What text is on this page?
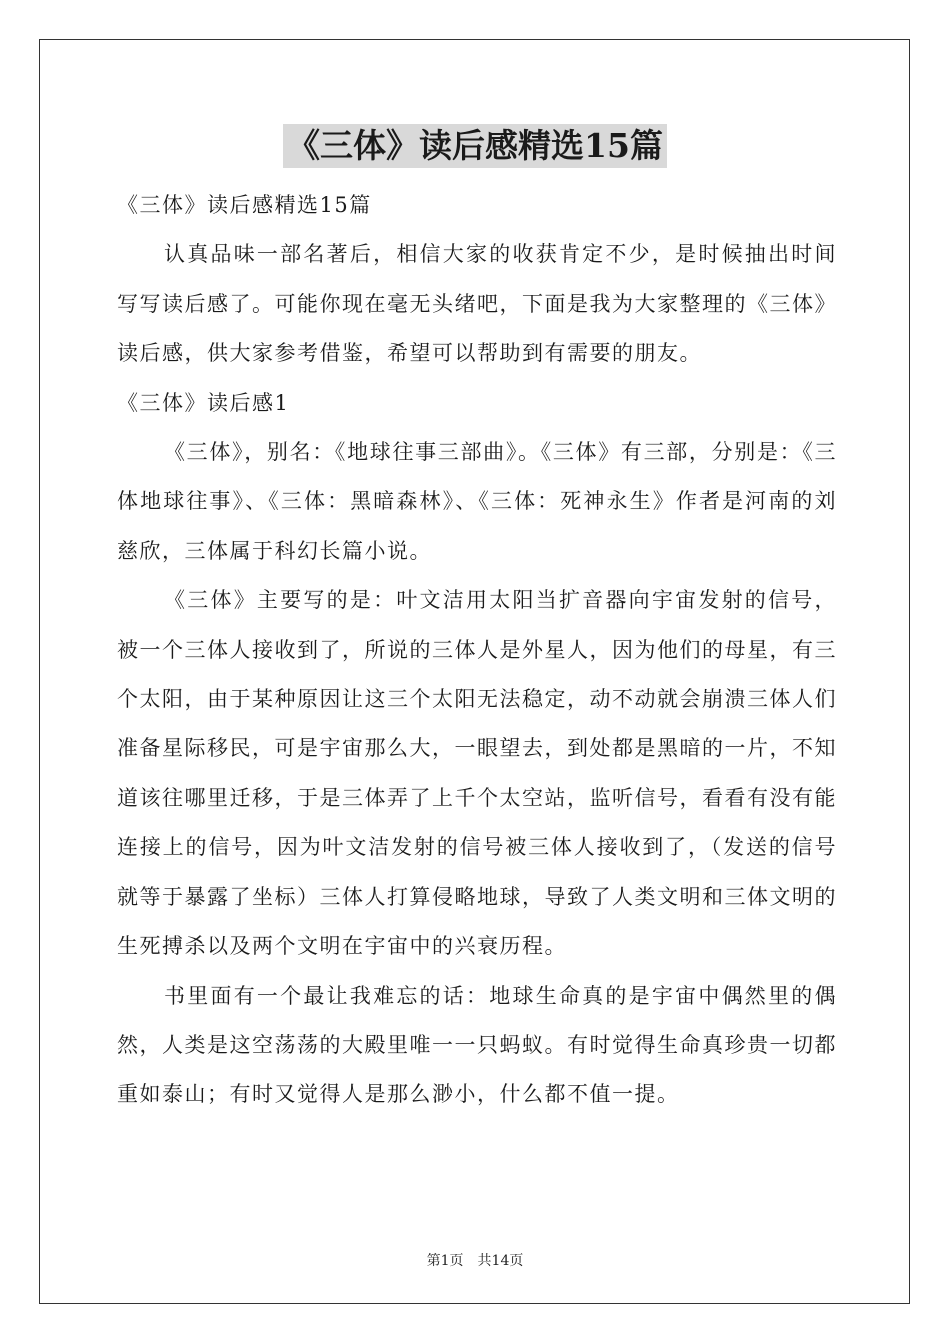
《三体》读后感精选15篇

《三体》读后感精选15篇

认真品味一部名著后，相信大家的收获肯定不少，是时候抽出时间写写读后感了。可能你现在毫无头绪吧，下面是我为大家整理的《三体》读后感，供大家参考借鉴，希望可以帮助到有需要的朋友。

《三体》读后感1

《三体》，别名：《地球往事三部曲》。《三体》有三部，分别是：《三体地球往事》、《三体：黑暗森林》、《三体：死神永生》作者是河南的刘慈欣，三体属于科幻长篇小说。

《三体》主要写的是：叶文洁用太阳当扩音器向宇宙发射的信号，被一个三体人接收到了，所说的三体人是外星人，因为他们的母星，有三个太阳，由于某种原因让这三个太阳无法稳定，动不动就会崩溃三体人们准备星际移民，可是宇宙那么大，一眼望去，到处都是黑暗的一片，不知道该往哪里迁移，于是三体弄了上千个太空站，监听信号，看看有没有能连接上的信号，因为叶文洁发射的信号被三体人接收到了，（发送的信号就等于暴露了坐标）三体人打算侵略地球，导致了人类文明和三体文明的生死搏杀以及两个文明在宇宙中的兴衰历程。

书里面有一个最让我难忘的话：地球生命真的是宇宙中偶然里的偶然，人类是这空荡荡的大殿里唯一一只蚂蚁。有时觉得生命真珍贵一切都重如泰山；有时又觉得人是那么渺小，什么都不值一提。

第1页 共14页
